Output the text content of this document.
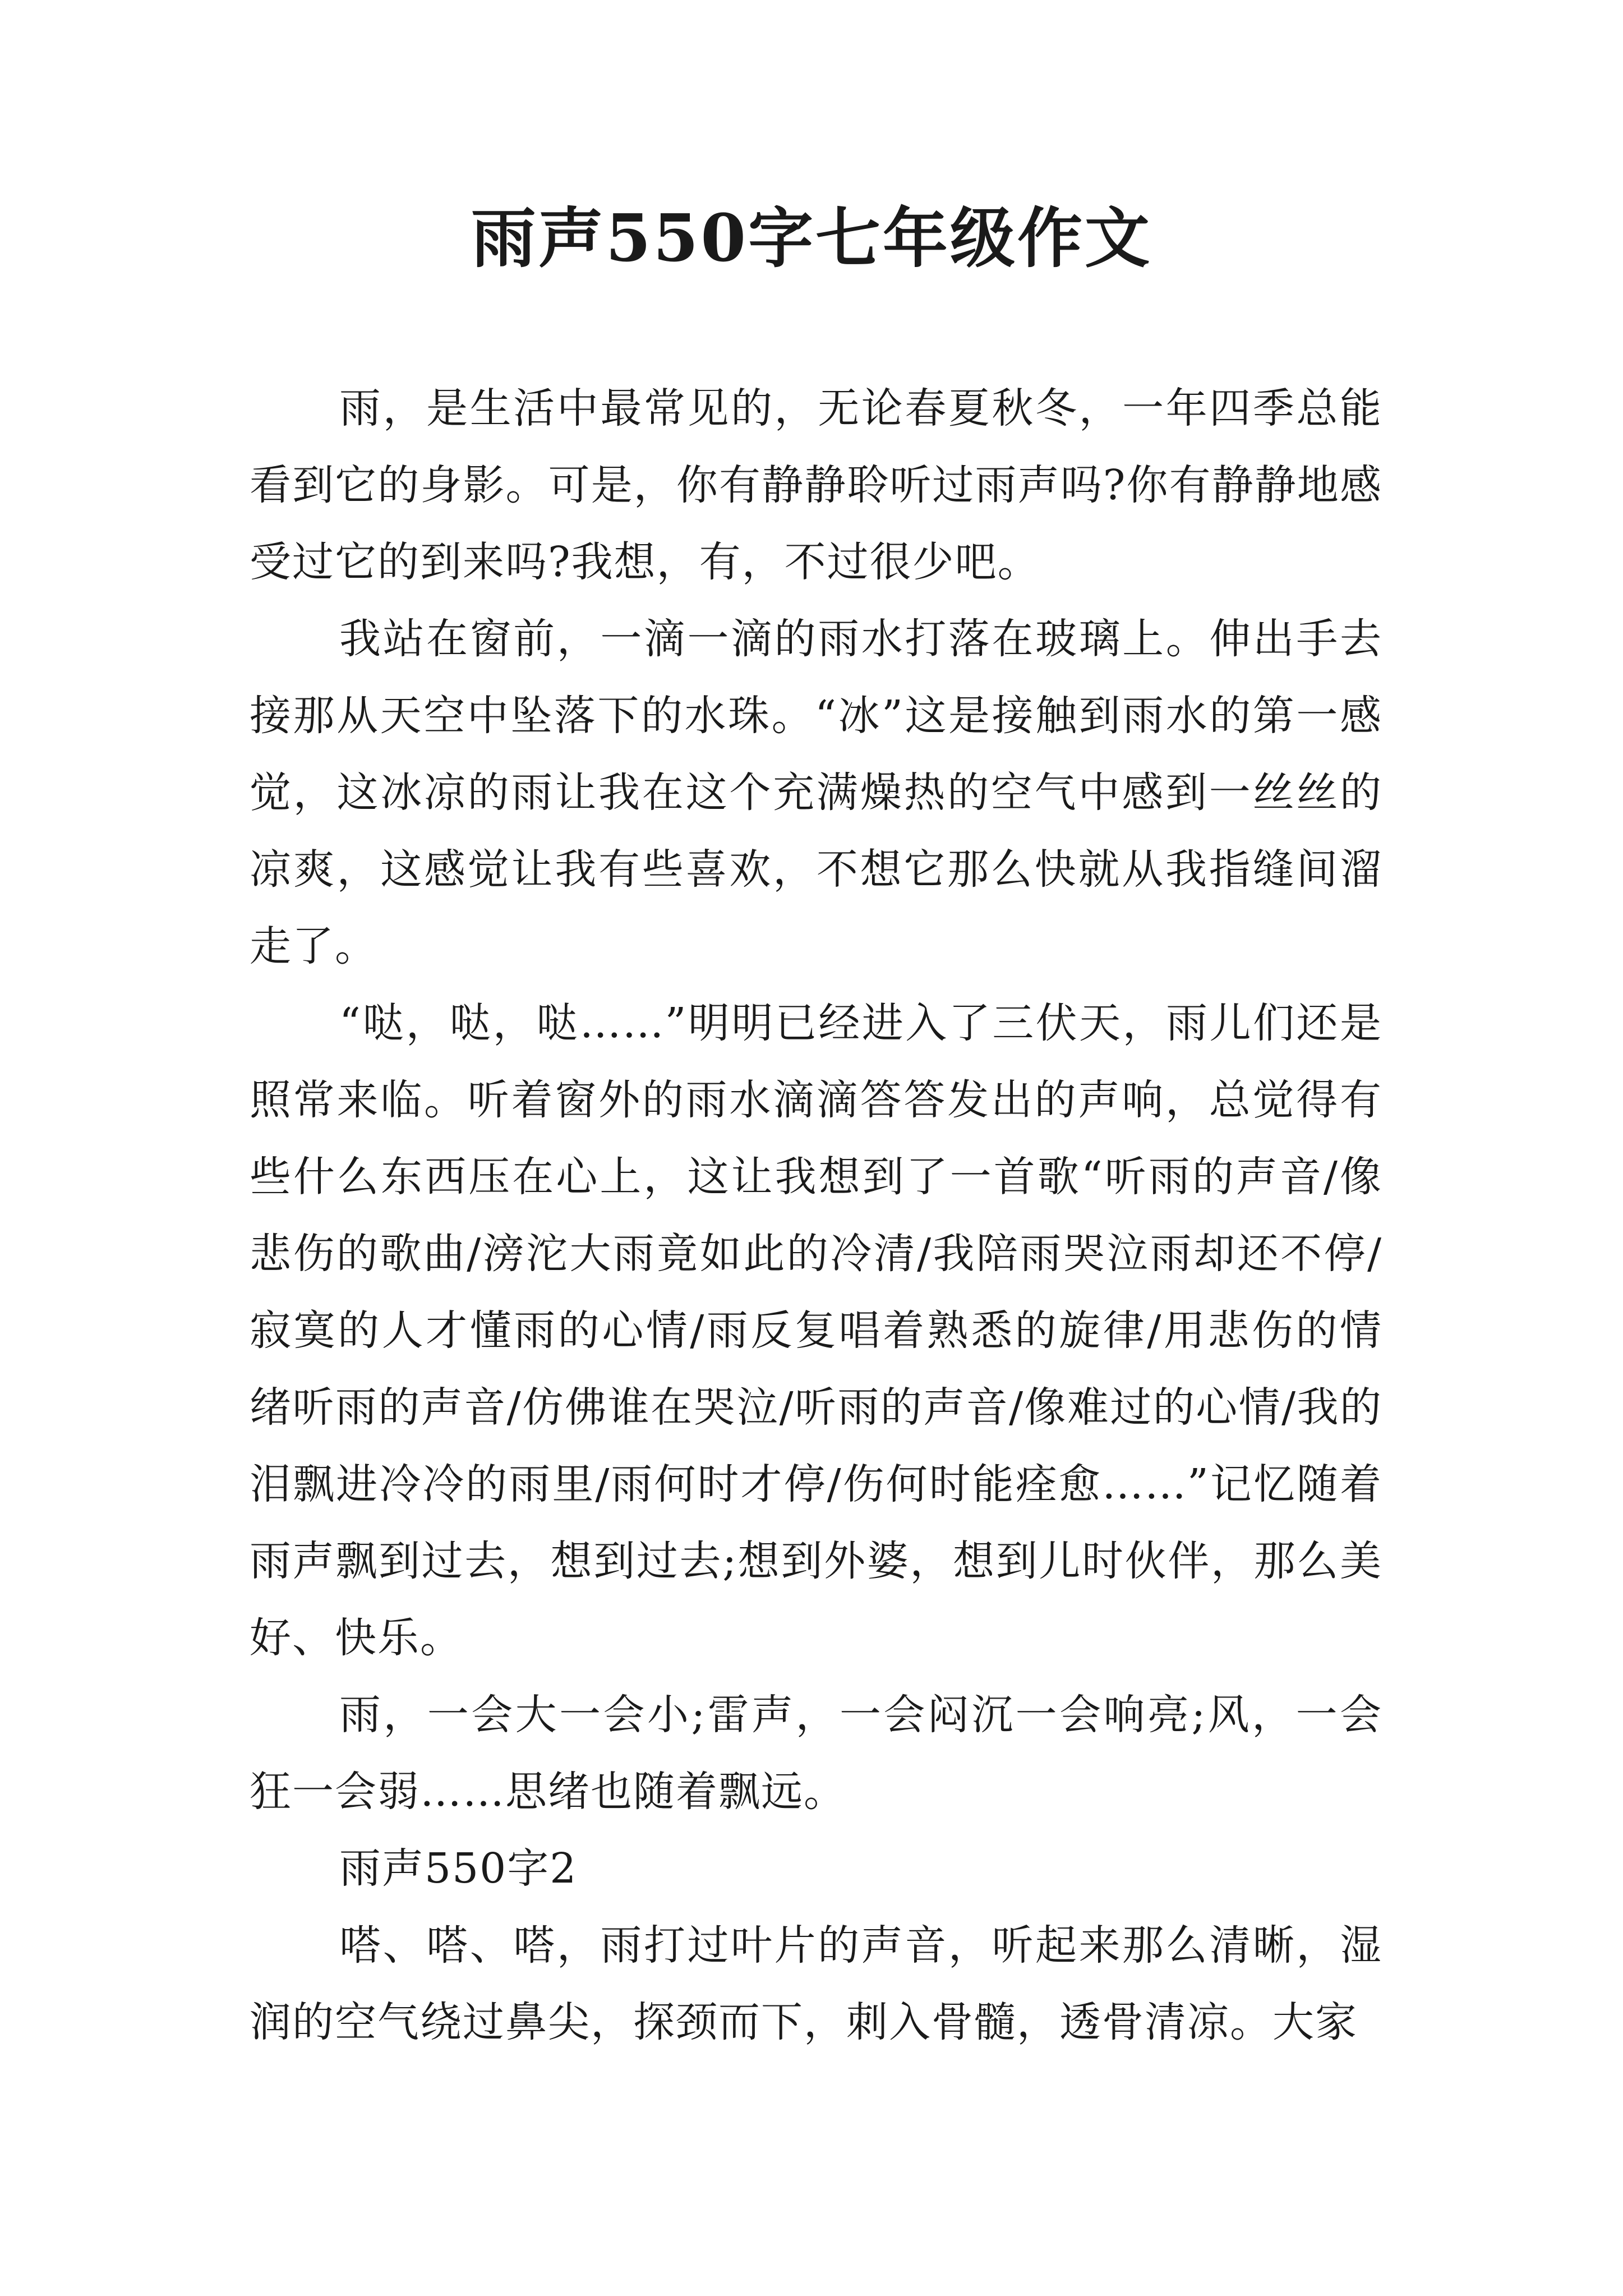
雨声550字七年级作文

雨，是生活中最常见的，无论春夏秋冬，一年四季总能看到它的身影。可是，你有静静聆听过雨声吗?你有静静地感受过它的到来吗?我想，有，不过很少吧。

我站在窗前，一滴一滴的雨水打落在玻璃上。伸出手去接那从天空中坠落下的水珠。“冰”这是接触到雨水的第一感觉，这冰凉的雨让我在这个充满燥热的空气中感到一丝丝的凉爽，这感觉让我有些喜欢，不想它那么快就从我指缝间溜走了。

“哒，哒，哒……”明明已经进入了三伏天，雨儿们还是照常来临。听着窗外的雨水滴滴答答发出的声响，总觉得有些什么东西压在心上，这让我想到了一首歌“听雨的声音/像悲伤的歌曲/滂沱大雨竟如此的冷清/我陪雨哭泣雨却还不停/寂寞的人才懂雨的心情/雨反复唱着熟悉的旋律/用悲伤的情绪听雨的声音/仿佛谁在哭泣/听雨的声音/像难过的心情/我的泪飘进冷冷的雨里/雨何时才停/伤何时能痊愈……”记忆随着雨声飘到过去，想到过去;想到外婆，想到儿时伙伴，那么美好、快乐。

雨，一会大一会小;雷声，一会闷沉一会响亮;风，一会狂一会弱……思绪也随着飘远。

雨声550字2

嗒、嗒、嗒，雨打过叶片的声音，听起来那么清晰，湿润的空气绕过鼻尖，探颈而下，刺入骨髓，透骨清凉。大家
